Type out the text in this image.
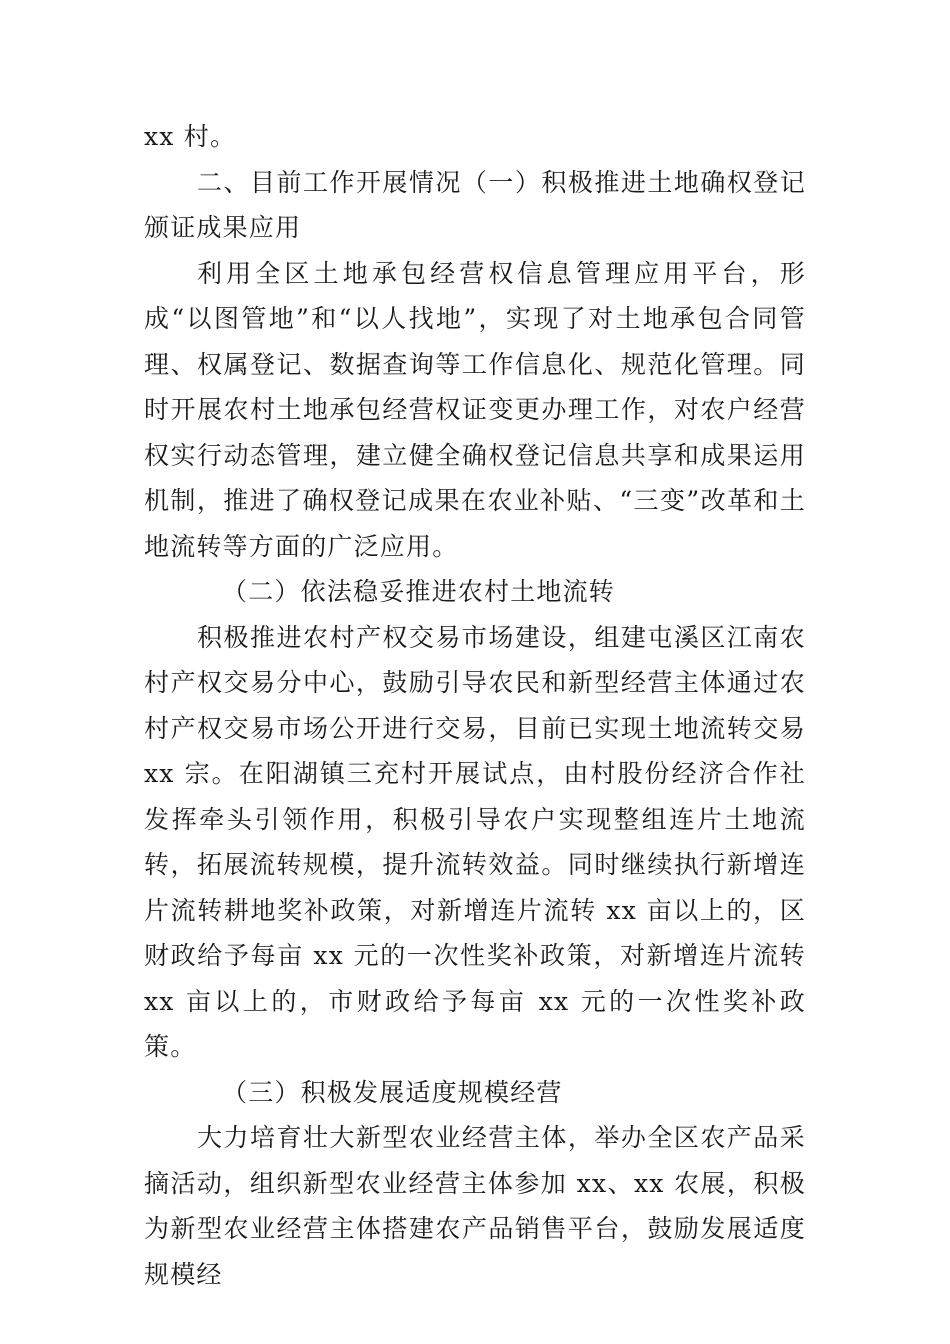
xx 村。

二、目前工作开展情况（一）积极推进土地确权登记颁证成果应用

利用全区土地承包经营权信息管理应用平台，形成“以图管地”和“以人找地”，实现了对土地承包合同管理、权属登记、数据查询等工作信息化、规范化管理。同时开展农村土地承包经营权证变更办理工作，对农户经营权实行动态管理，建立健全确权登记信息共享和成果运用机制，推进了确权登记成果在农业补贴、“三变”改革和土地流转等方面的广泛应用。

（二）依法稳妥推进农村土地流转

积极推进农村产权交易市场建设，组建屯溪区江南农村产权交易分中心，鼓励引导农民和新型经营主体通过农村产权交易市场公开进行交易，目前已实现土地流转交易 xx 宗。在阳湖镇三充村开展试点，由村股份经济合作社发挥牵头引领作用，积极引导农户实现整组连片土地流转，拓展流转规模，提升流转效益。同时继续执行新增连片流转耕地奖补政策，对新增连片流转 xx 亩以上的，区财政给予每亩 xx 元的一次性奖补政策，对新增连片流转 xx 亩以上的，市财政给予每亩 xx 元的一次性奖补政策。

（三）积极发展适度规模经营

大力培育壮大新型农业经营主体，举办全区农产品采摘活动，组织新型农业经营主体参加 xx、xx 农展，积极为新型农业经营主体搭建农产品销售平台，鼓励发展适度规模经
